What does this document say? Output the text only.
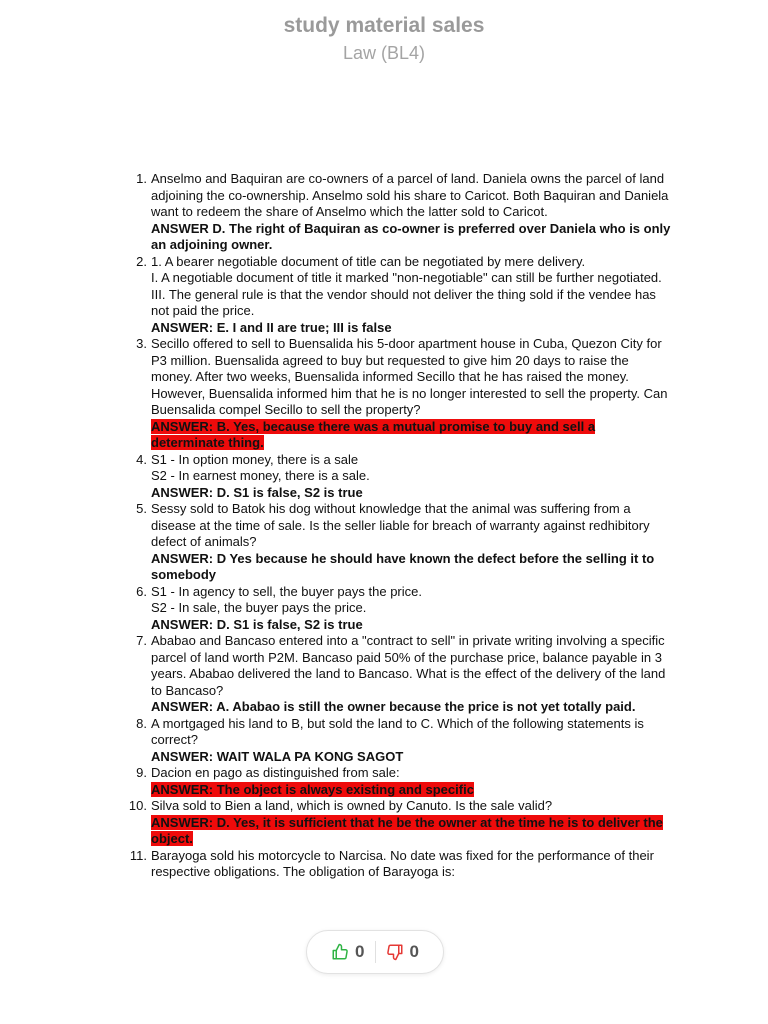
study material sales
Law (BL4)
1. Anselmo and Baquiran are co-owners of a parcel of land. Daniela owns the parcel of land adjoining the co-ownership. Anselmo sold his share to Caricot. Both Baquiran and Daniela want to redeem the share of Anselmo which the latter sold to Caricot.
ANSWER D. The right of Baquiran as co-owner is preferred over Daniela who is only an adjoining owner.
2. 1. A bearer negotiable document of title can be negotiated by mere delivery.
I. A negotiable document of title it marked "non-negotiable" can still be further negotiated.
III. The general rule is that the vendor should not deliver the thing sold if the vendee has not paid the price.
ANSWER: E. I and II are true; III is false
3. Secillo offered to sell to Buensalida his 5-door apartment house in Cuba, Quezon City for P3 million. Buensalida agreed to buy but requested to give him 20 days to raise the money. After two weeks, Buensalida informed Secillo that he has raised the money. However, Buensalida informed him that he is no longer interested to sell the property. Can Buensalida compel Secillo to sell the property?
ANSWER: B. Yes, because there was a mutual promise to buy and sell a determinate thing.
4. S1 - In option money, there is a sale
S2 - In earnest money, there is a sale.
ANSWER: D. S1 is false, S2 is true
5. Sessy sold to Batok his dog without knowledge that the animal was suffering from a disease at the time of sale. Is the seller liable for breach of warranty against redhibitory defect of animals?
ANSWER: D Yes because he should have known the defect before the selling it to somebody
6. S1 - In agency to sell, the buyer pays the price.
S2 - In sale, the buyer pays the price.
ANSWER: D. S1 is false, S2 is true
7. Ababao and Bancaso entered into a "contract to sell" in private writing involving a specific parcel of land worth P2M. Bancaso paid 50% of the purchase price, balance payable in 3 years. Ababao delivered the land to Bancaso. What is the effect of the delivery of the land to Bancaso?
ANSWER: A. Ababao is still the owner because the price is not yet totally paid.
8. A mortgaged his land to B, but sold the land to C. Which of the following statements is correct?
ANSWER: WAIT WALA PA KONG SAGOT
9. Dacion en pago as distinguished from sale:
ANSWER: The object is always existing and specific
10. Silva sold to Bien a land, which is owned by Canuto. Is the sale valid?
ANSWER: D. Yes, it is sufficient that he be the owner at the time he is to deliver the object.
11. Barayoga sold his motorcycle to Narcisa. No date was fixed for the performance of their respective obligations. The obligation of Barayoga is:
0	0
